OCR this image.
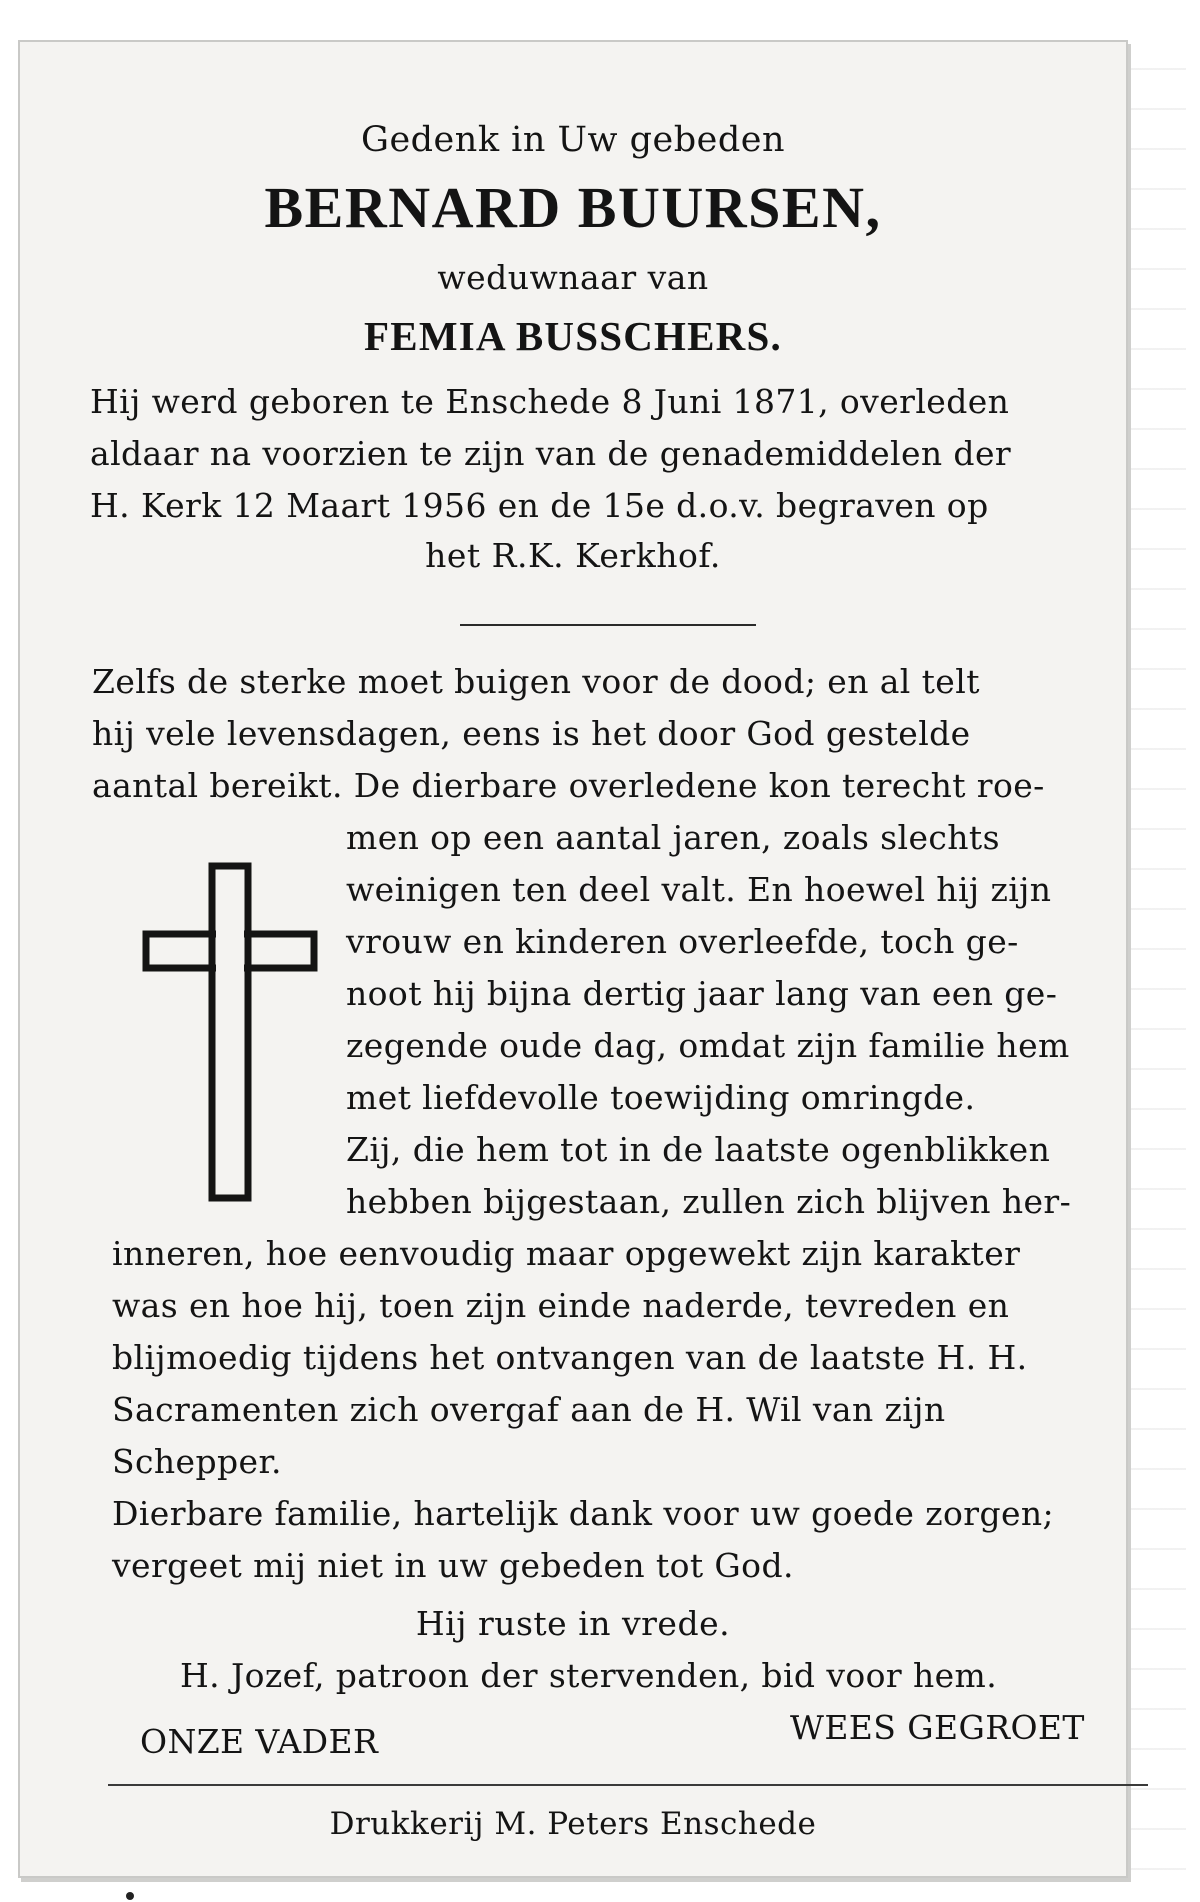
Gedenk in Uw gebeden
BERNARD BUURSEN,
weduwnaar van
FEMIA BUSSCHERS.
Hij werd geboren te Enschede 8 Juni 1871, overleden
aldaar na voorzien te zijn van de genademiddelen der
H. Kerk 12 Maart 1956 en de 15e d.o.v. begraven op
het R.K. Kerkhof.
Zelfs de sterke moet buigen voor de dood; en al telt
hij vele levensdagen, eens is het door God gestelde
aantal bereikt. De dierbare overledene kon terecht roe-
men op een aantal jaren, zoals slechts
weinigen ten deel valt. En hoewel hij zijn
vrouw en kinderen overleefde, toch ge-
noot hij bijna dertig jaar lang van een ge-
zegende oude dag, omdat zijn familie hem
met liefdevolle toewijding omringde.
Zij, die hem tot in de laatste ogenblikken
hebben bijgestaan, zullen zich blijven her-
inneren, hoe eenvoudig maar opgewekt zijn karakter
was en hoe hij, toen zijn einde naderde, tevreden en
blijmoedig tijdens het ontvangen van de laatste H. H.
Sacramenten zich overgaf aan de H. Wil van zijn
Schepper.
Dierbare familie, hartelijk dank voor uw goede zorgen;
vergeet mij niet in uw gebeden tot God.
Hij ruste in vrede.
H. Jozef, patroon der stervenden, bid voor hem.
ONZE VADER	WEES GEGROET
Drukkerij M. Peters Enschede
